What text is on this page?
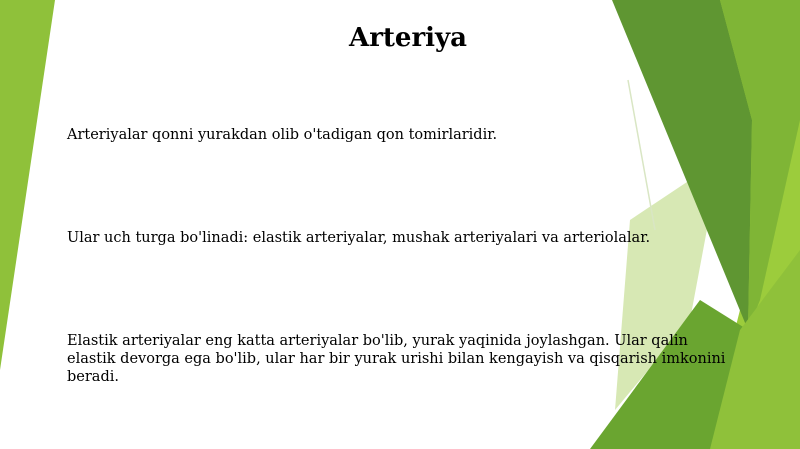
Arteriya

Arteriyalar qonni yurakdan olib o'tadigan qon tomirlaridir.

Ular uch turga bo'linadi: elastik arteriyalar, mushak arteriyalari va arteriolalar.

Elastik arteriyalar eng katta arteriyalar bo'lib, yurak yaqinida joylashgan. Ular qalin elastik devorga ega bo'lib, ular har bir yurak urishi bilan kengayish va qisqarish imkonini beradi.
